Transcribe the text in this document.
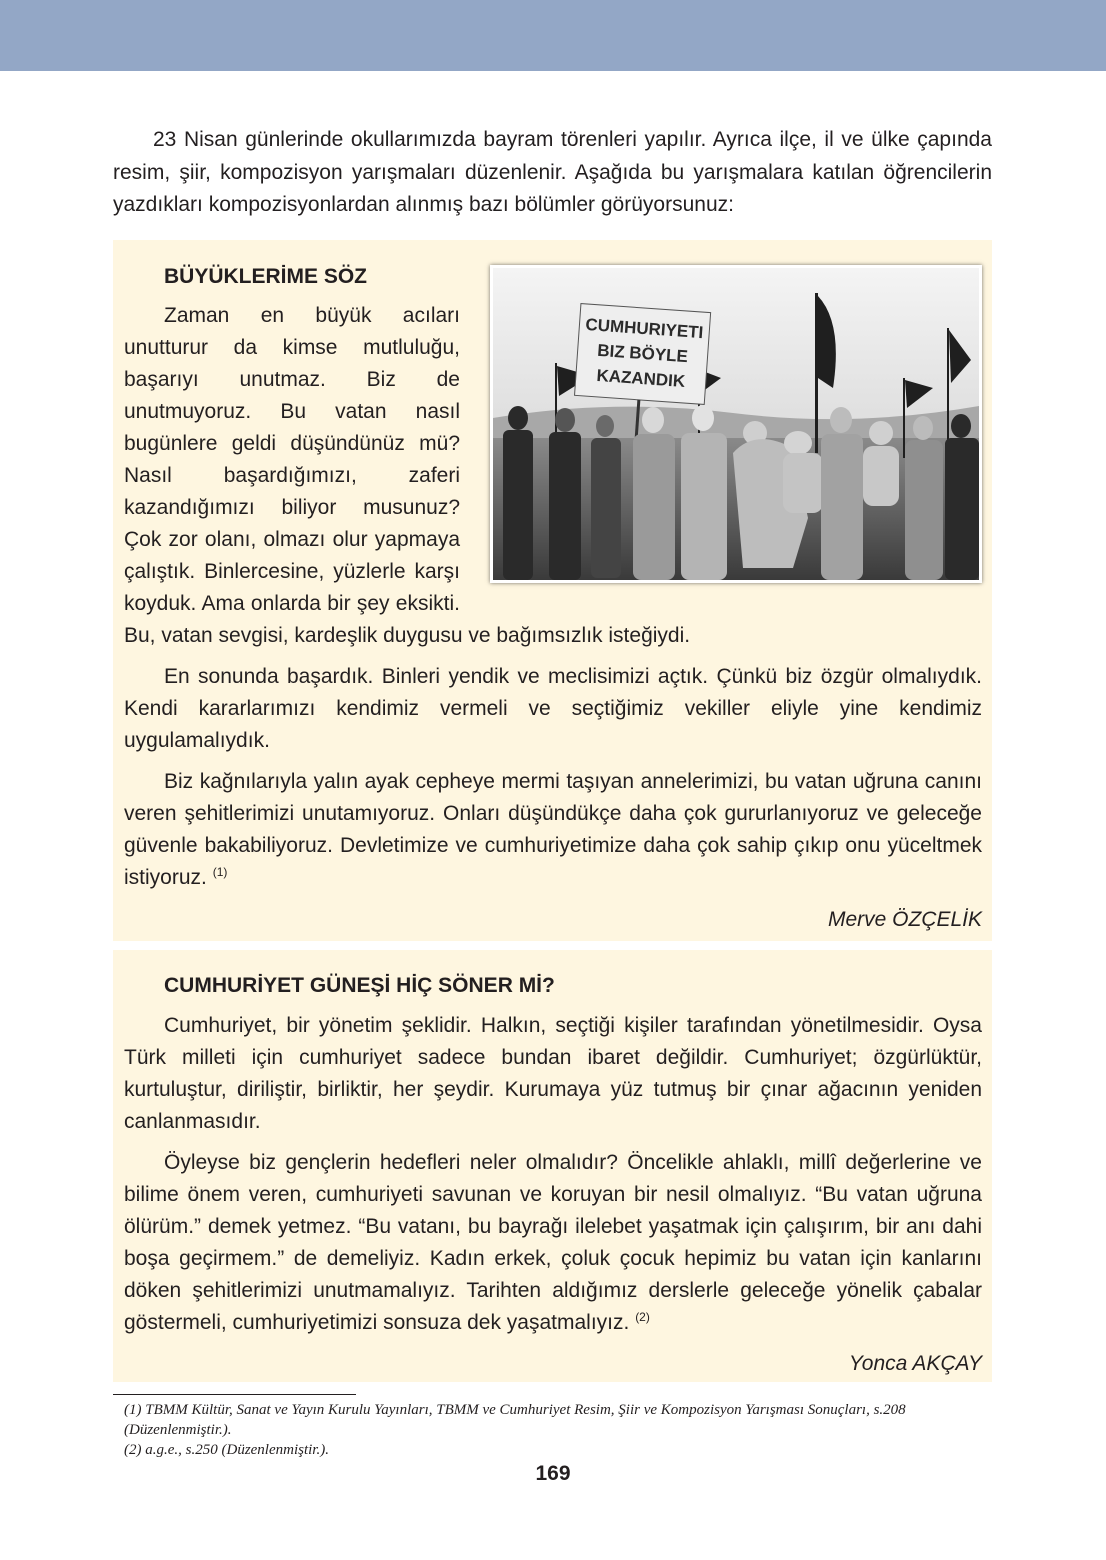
23 Nisan günlerinde okullarımızda bayram törenleri yapılır. Ayrıca ilçe, il ve ülke çapında resim, şiir, kompozisyon yarışmaları düzenlenir. Aşağıda bu yarışmalara katılan öğrencilerin yazdıkları kompozisyonlardan alınmış bazı bölümler görüyorsunuz:

BÜYÜKLERİME SÖZ
CUMHURIYETI
BIZ BÖYLE
KAZANDIK

Zaman en büyük acıları unutturur da kimse mutluluğu, başarıyı unutmaz. Biz de unutmuyoruz. Bu vatan nasıl bugünlere geldi düşündünüz mü? Nasıl başardığımızı, zaferi kazandığımızı biliyor musunuz? Çok zor olanı, olmazı olur yapmaya çalıştık. Binlercesine, yüzlerle karşı koyduk. Ama onlarda bir şey eksikti. Bu, vatan sevgisi, kardeşlik duygusu ve bağımsızlık isteğiydi.

En sonunda başardık. Binleri yendik ve meclisimizi açtık. Çünkü biz özgür olmalıydık. Kendi kararlarımızı kendimiz vermeli ve seçtiğimiz vekiller eliyle yine kendimiz uygulamalıydık.

Biz kağnılarıyla yalın ayak cepheye mermi taşıyan annelerimizi, bu vatan uğruna canını veren şehitlerimizi unutamıyoruz. Onları düşündükçe daha çok gururlanıyoruz ve geleceğe güvenle bakabiliyoruz. Devletimize ve cumhuriyetimize daha çok sahip çıkıp onu yüceltmek istiyoruz. $^{(1)}$

Merve ÖZÇELİK

CUMHURİYET GÜNEŞİ HİÇ SÖNER Mİ?

Cumhuriyet, bir yönetim şeklidir. Halkın, seçtiği kişiler tarafından yönetilmesidir. Oysa Türk milleti için cumhuriyet sadece bundan ibaret değildir. Cumhuriyet; özgürlüktür, kurtuluştur, diriliştir, birliktir, her şeydir. Kurumaya yüz tutmuş bir çınar ağacının yeniden canlanmasıdır.

Öyleyse biz gençlerin hedefleri neler olmalıdır? Öncelikle ahlaklı, millî değerlerine ve bilime önem veren, cumhuriyeti savunan ve koruyan bir nesil olmalıyız. “Bu vatan uğruna ölürüm.” demek yetmez. “Bu vatanı, bu bayrağı ilelebet yaşatmak için çalışırım, bir anı dahi boşa geçirmem.” de demeliyiz. Kadın erkek, çoluk çocuk hepimiz bu vatan için kanlarını döken şehitlerimizi unutmamalıyız. Tarihten aldığımız derslerle geleceğe yönelik çabalar göstermeli, cumhuriyetimizi sonsuza dek yaşatmalıyız. $^{(2)}$

Yonca AKÇAY

(1) TBMM Kültür, Sanat ve Yayın Kurulu Yayınları, TBMM ve Cumhuriyet Resim, Şiir ve Kompozisyon Yarışması Sonuçları, s.208 (Düzenlenmiştir.).
(2) a.g.e., s.250 (Düzenlenmiştir.).
169
